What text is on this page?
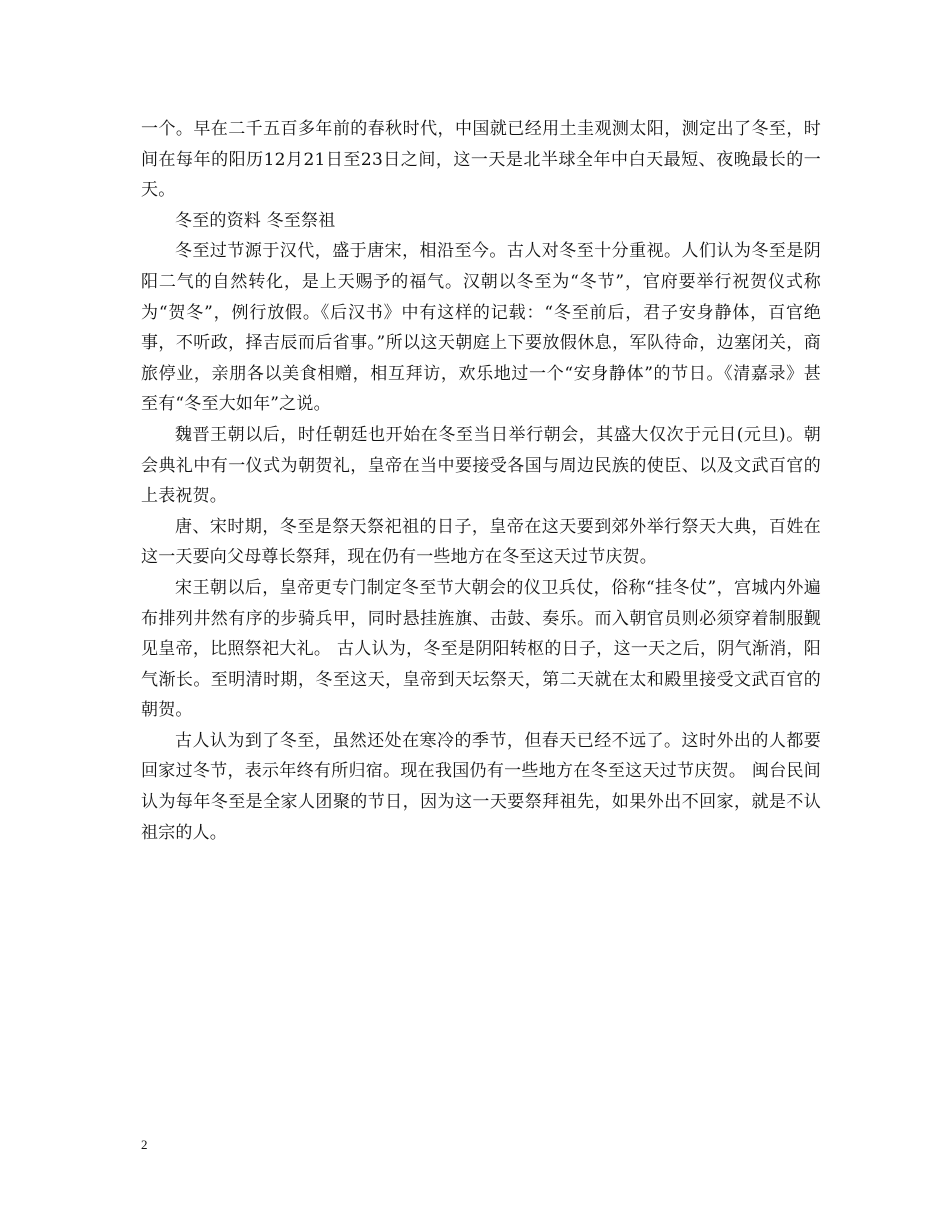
一个。早在二千五百多年前的春秋时代，中国就已经用土圭观测太阳，测定出了冬至，时间在每年的阳历12月21日至23日之间，这一天是北半球全年中白天最短、夜晚最长的一天。

冬至的资料 冬至祭祖

冬至过节源于汉代，盛于唐宋，相沿至今。古人对冬至十分重视。人们认为冬至是阴阳二气的自然转化，是上天赐予的福气。汉朝以冬至为“冬节”，官府要举行祝贺仪式称为“贺冬”，例行放假。《后汉书》中有这样的记载：“冬至前后，君子安身静体，百官绝事，不听政，择吉辰而后省事。”所以这天朝庭上下要放假休息，军队待命，边塞闭关，商旅停业，亲朋各以美食相赠，相互拜访，欢乐地过一个“安身静体”的节日。《清嘉录》甚至有“冬至大如年”之说。

魏晋王朝以后，时任朝廷也开始在冬至当日举行朝会，其盛大仅次于元日(元旦)。朝会典礼中有一仪式为朝贺礼，皇帝在当中要接受各国与周边民族的使臣、以及文武百官的上表祝贺。

唐、宋时期，冬至是祭天祭祀祖的日子，皇帝在这天要到郊外举行祭天大典，百姓在这一天要向父母尊长祭拜，现在仍有一些地方在冬至这天过节庆贺。

宋王朝以后，皇帝更专门制定冬至节大朝会的仪卫兵仗，俗称“挂冬仗”，宫城内外遍布排列井然有序的步骑兵甲，同时悬挂旌旗、击鼓、奏乐。而入朝官员则必须穿着制服觐见皇帝，比照祭祀大礼。 古人认为，冬至是阴阳转枢的日子，这一天之后，阴气渐消，阳气渐长。至明清时期，冬至这天，皇帝到天坛祭天，第二天就在太和殿里接受文武百官的朝贺。

古人认为到了冬至，虽然还处在寒冷的季节，但春天已经不远了。这时外出的人都要回家过冬节，表示年终有所归宿。现在我国仍有一些地方在冬至这天过节庆贺。 闽台民间认为每年冬至是全家人团聚的节日，因为这一天要祭拜祖先，如果外出不回家，就是不认祖宗的人。

2
